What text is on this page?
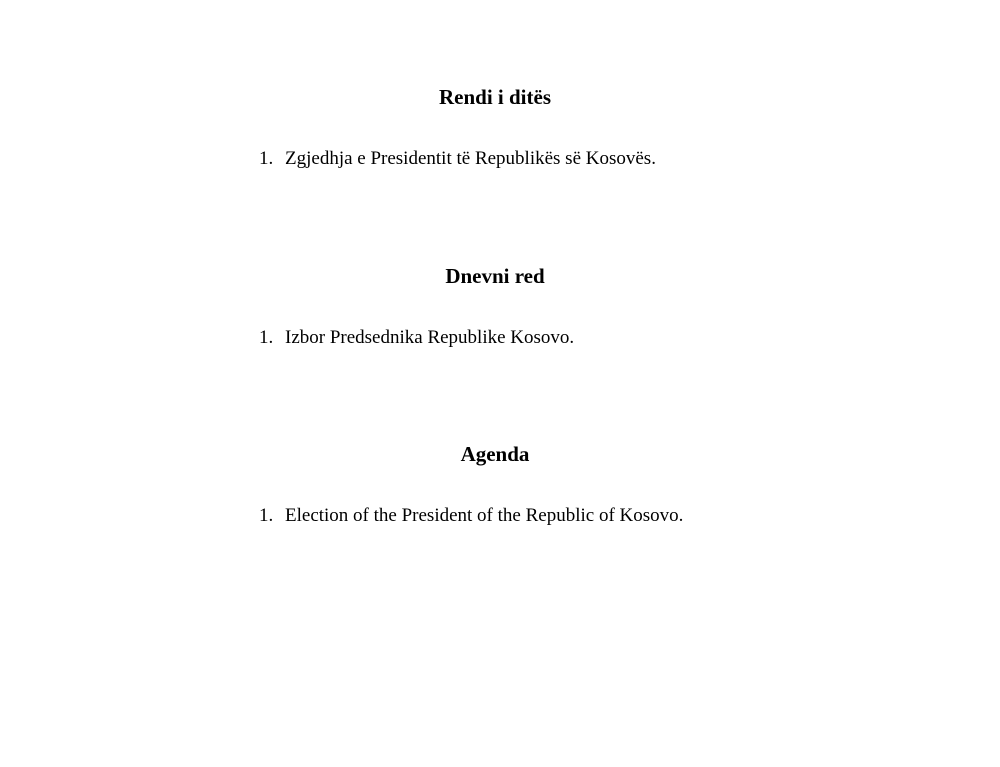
Rendi i ditës
1. Zgjedhja e Presidentit të Republikës së Kosovës.
Dnevni red
1. Izbor Predsednika Republike Kosovo.
Agenda
1. Election of the President of the Republic of Kosovo.
